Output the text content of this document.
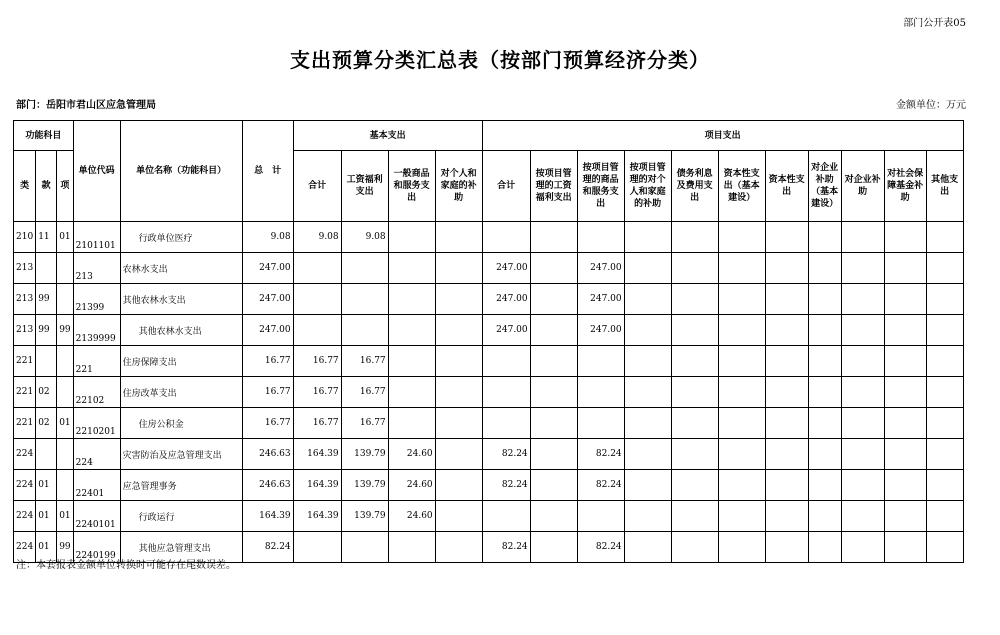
部门公开表05
支出预算分类汇总表（按部门预算经济分类）
部门：岳阳市君山区应急管理局	金额单位：万元
功能科目			单位代码	单位名称（功能科目）	总　计	基本支出				项目支出										
类	款	项				合计	工资福利支出	一般商品和服务支出	对个人和家庭的补助	合计	按项目管理的工资福利支出	按项目管理的商品和服务支出	按项目管理的对个人和家庭的补助	债务利息及费用支出	资本性支出（基本建设）	资本性支出	对企业补助（基本建设）	对企业补助	对社会保障基金补助	其他支出

210	11	01	2101101	行政单位医疗	9.08	9.08	9.08													
213			213	农林水支出	247.00					247.00		247.00								
213	99		21399	其他农林水支出	247.00					247.00		247.00								
213	99	99	2139999	其他农林水支出	247.00					247.00		247.00								
221			221	住房保障支出	16.77	16.77	16.77													
221	02		22102	住房改革支出	16.77	16.77	16.77													
221	02	01	2210201	住房公积金	16.77	16.77	16.77													
224			224	灾害防治及应急管理支出	246.63	164.39	139.79	24.60		82.24		82.24								
224	01		22401	应急管理事务	246.63	164.39	139.79	24.60		82.24		82.24								
224	01	01	2240101	行政运行	164.39	164.39	139.79	24.60												
224	01	99	2240199	其他应急管理支出	82.24					82.24		82.24								
注：本套报表金额单位转换时可能存在尾数误差。
